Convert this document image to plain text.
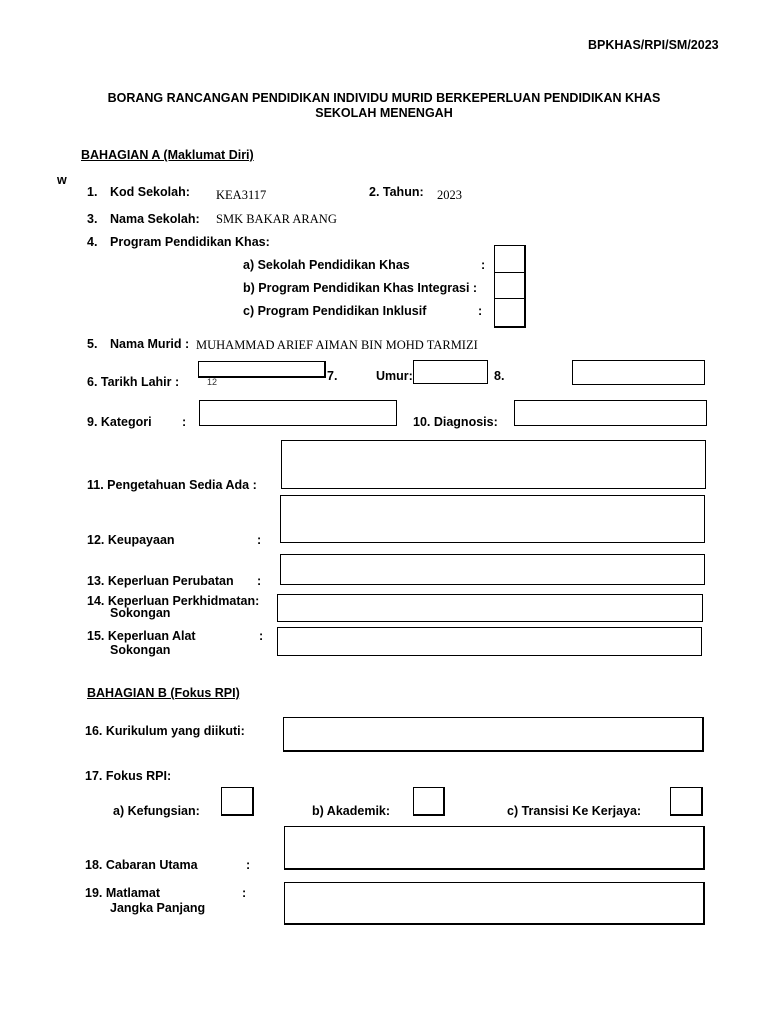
BPKHAS/RPI/SM/2023
BORANG RANCANGAN PENDIDIKAN INDIVIDU MURID BERKEPERLUAN PENDIDIKAN KHAS
SEKOLAH MENENGAH
BAHAGIAN A (Maklumat Diri)
w
1. Kod Sekolah: KEA3117	2. Tahun: 2023
3. Nama Sekolah: SMK BAKAR ARANG
4. Program Pendidikan Khas:
a) Sekolah Pendidikan Khas	:
b) Program Pendidikan Khas Integrasi :
c) Program Pendidikan Inklusif	:
5. Nama Murid : MUHAMMAD ARIEF AIMAN BIN MOHD TARMIZI
6. Tarikh Lahir :	12	7.	Umur:	8.
9. Kategori :	10. Diagnosis:
11. Pengetahuan Sedia Ada :
12. Keupayaan	:
13. Keperluan Perubatan :
14. Keperluan Perkhidmatan:
Sokongan
15. Keperluan Alat	:
Sokongan
BAHAGIAN B (Fokus RPI)
16. Kurikulum yang diikuti:
17. Fokus RPI:
a) Kefungsian:	b) Akademik:	c) Transisi Ke Kerjaya:
18. Cabaran Utama	:
19. Matlamat	:
Jangka Panjang
